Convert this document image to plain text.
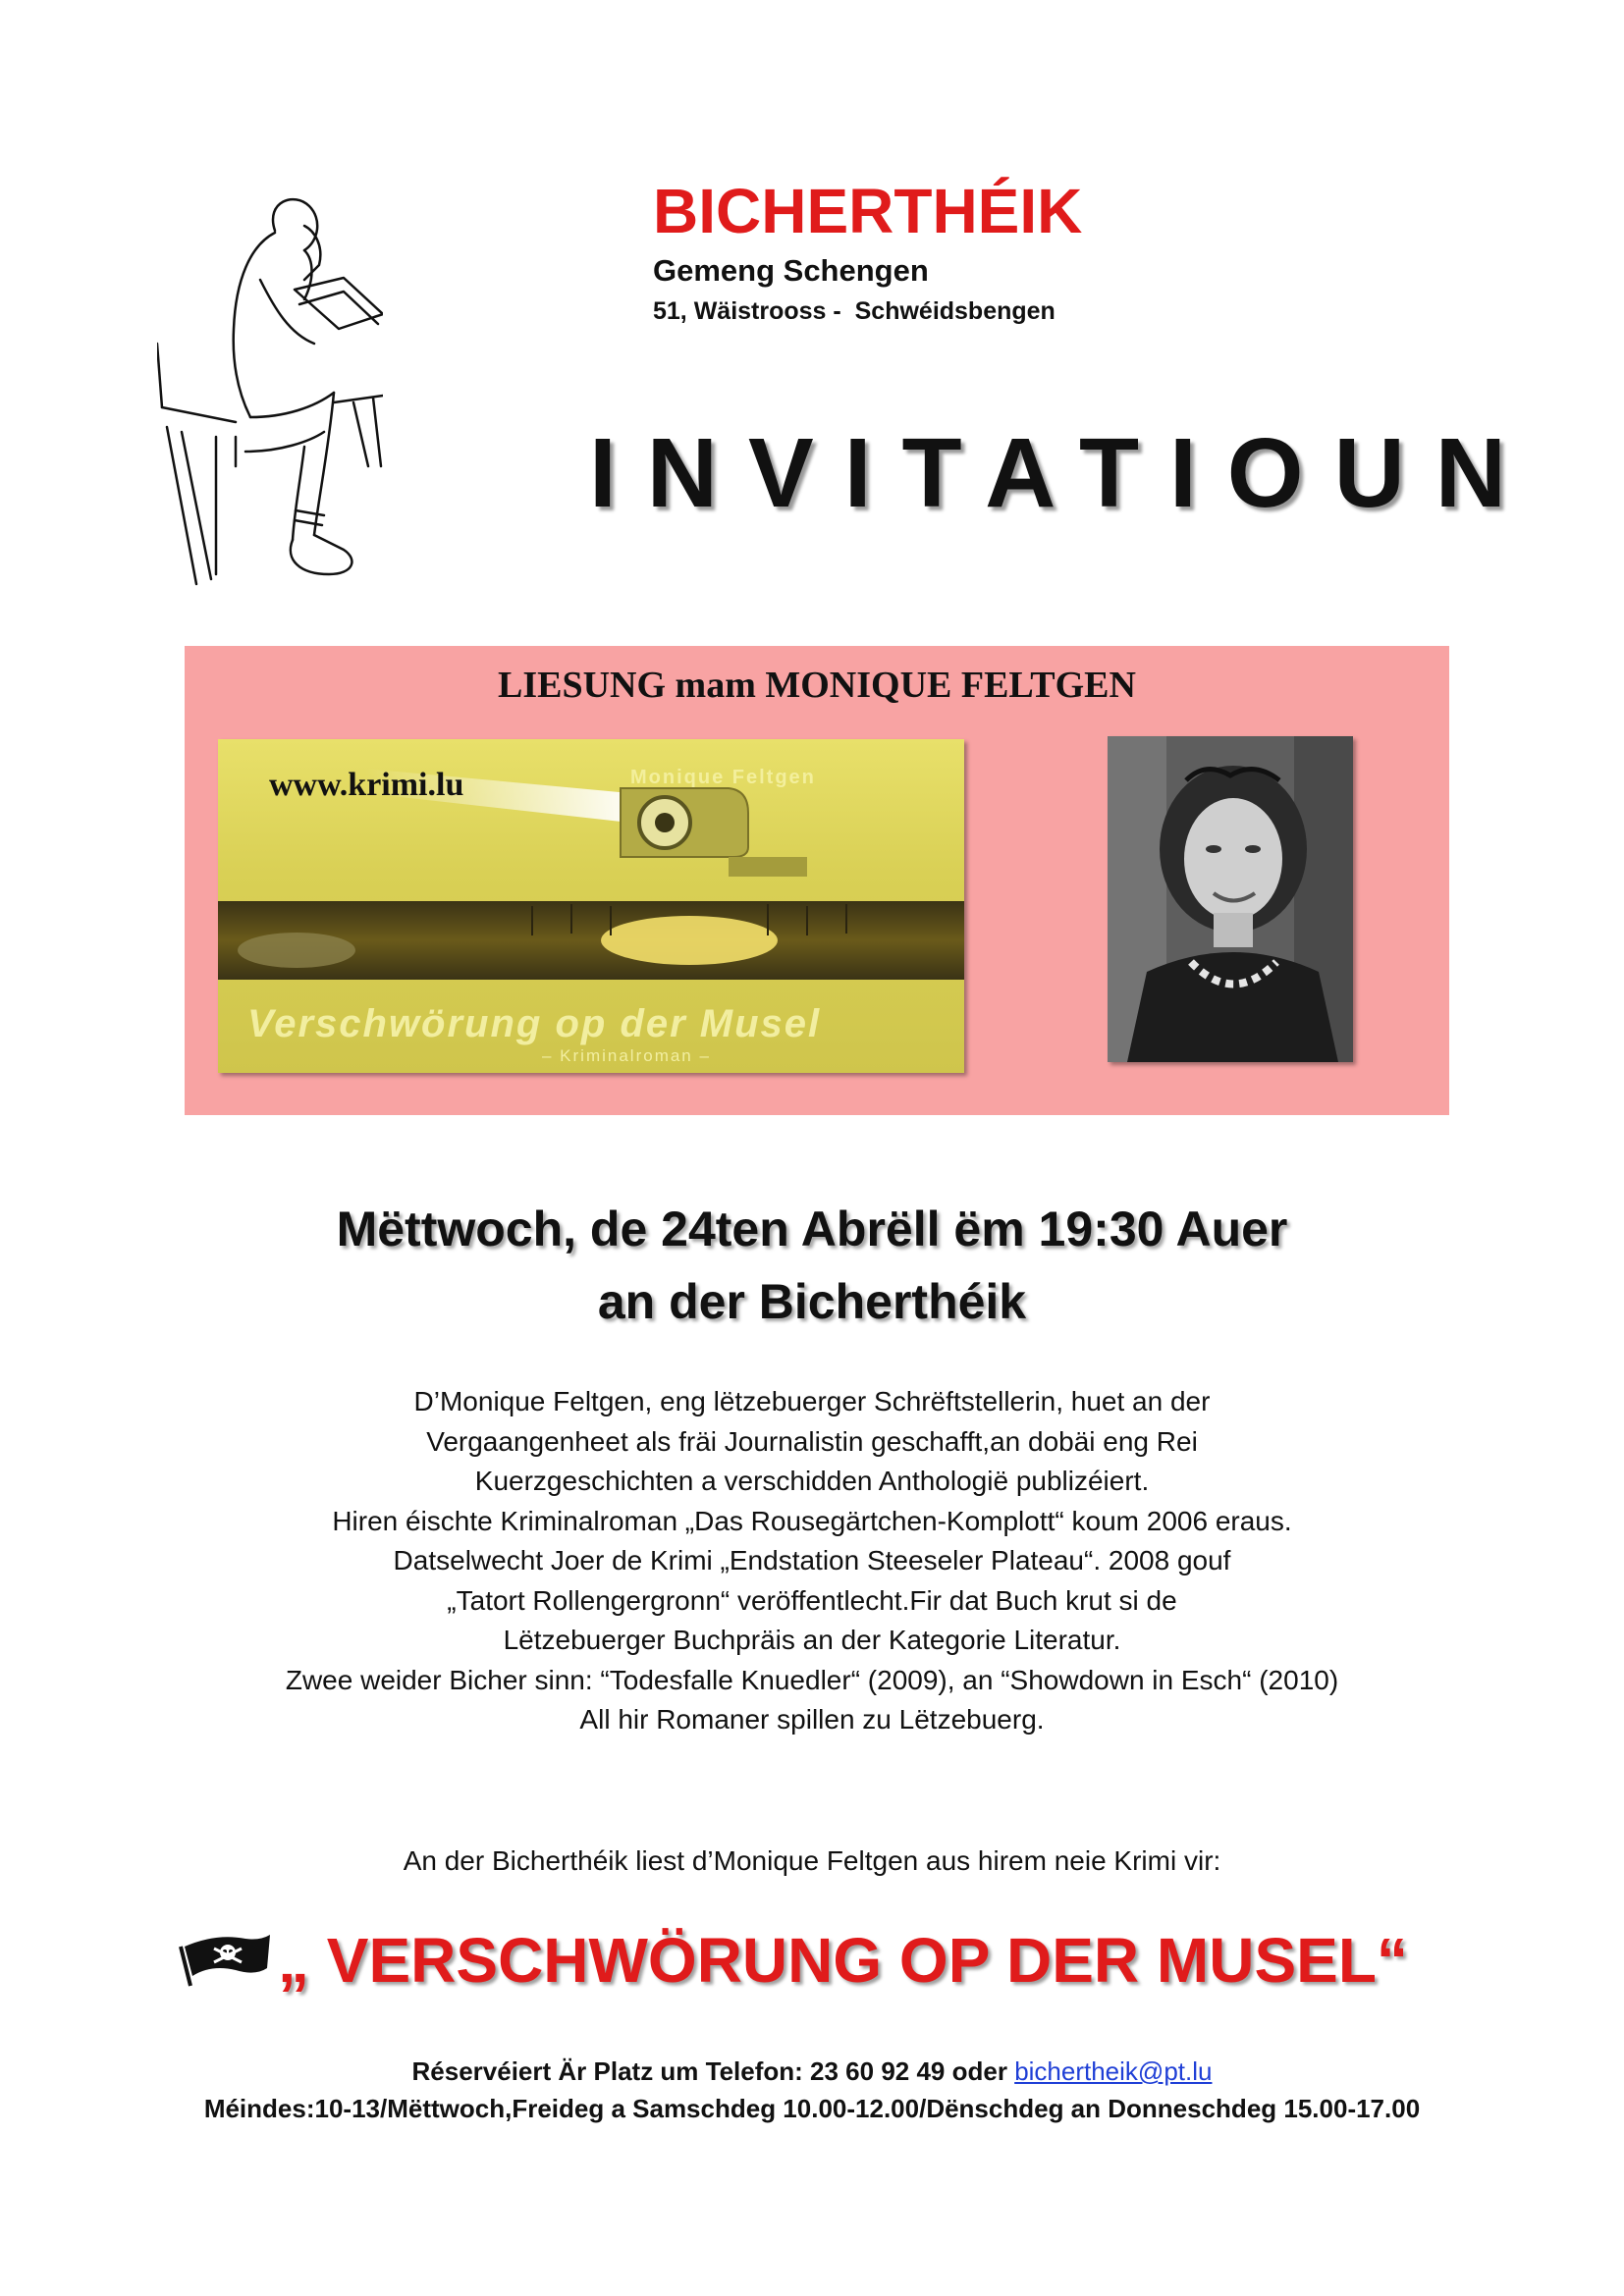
BICHERTHÉIK
Gemeng Schengen
51, Wäistrooss -  Schwéidsbengen
INVITATIOUN
LIESUNG mam MONIQUE FELTGEN
www.krimi.lu	Monique Feltgen
Verschwörung op der Musel
– Kriminalroman –
Mëttwoch, de 24ten Abrëll ëm 19:30 Auer
an der Bicherthéik
D’Monique Feltgen, eng lëtzebuerger Schrëftstellerin, huet an der
Vergaangenheet als fräi Journalistin geschafft,an dobäi eng Rei
Kuerzgeschichten a verschidden Anthologië publizéiert.
Hiren éischte Kriminalroman „Das Rousegärtchen-Komplott“ koum 2006 eraus.
Datselwecht Joer de Krimi „Endstation Steeseler Plateau“. 2008 gouf
„Tatort Rollengergronn“ veröffentlecht.Fir dat Buch krut si de
Lëtzebuerger Buchpräis an der Kategorie Literatur.
Zwee weider Bicher sinn: “Todesfalle Knuedler“ (2009), an “Showdown in Esch“ (2010)
All hir Romaner spillen zu Lëtzebuerg.
An der Bicherthéik liest d’Monique Feltgen aus hirem neie Krimi vir:
„ VERSCHWÖRUNG OP DER MUSEL“
Réservéiert Är Platz um Telefon: 23 60 92 49 oder bichertheik@pt.lu
Méindes:10-13/Mëttwoch,Freideg a Samschdeg 10.00-12.00/Dënschdeg an Donneschdeg 15.00-17.00
